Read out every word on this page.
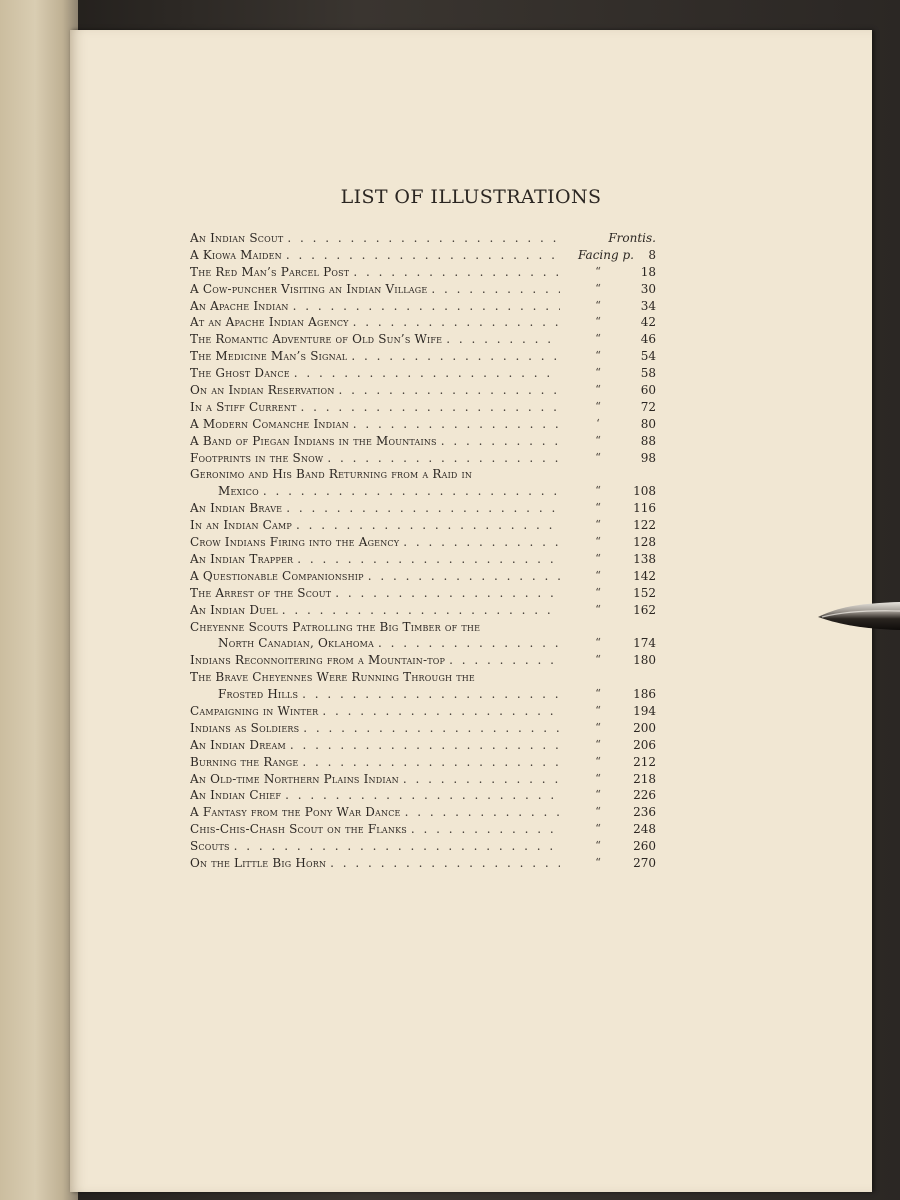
LIST OF ILLUSTRATIONS
An Indian Scout . . .	Frontis.
A Kiowa Maiden . . .	Facing p.	8
The Red Man’s Parcel Post . . .	“	18
A Cow-puncher Visiting an Indian Village . . .	“	30
An Apache Indian . . .	“	34
At an Apache Indian Agency . . .	“	42
The Romantic Adventure of Old Sun’s Wife . . .	“	46
The Medicine Man’s Signal . . .	“	54
The Ghost Dance . . .	“	58
On an Indian Reservation . . .	“	60
In a Stiff Current . . .	“	72
A Modern Comanche Indian . . .	‘	80
A Band of Piegan Indians in the Mountains . . .	“	88
Footprints in the Snow . . .	“	98
Geronimo and His Band Returning from a Raid in
Mexico . . .	“	108
An Indian Brave . . .	“	116
In an Indian Camp . . .	“	122
Crow Indians Firing into the Agency . . .	“	128
An Indian Trapper . . .	“	138
A Questionable Companionship . . .	“	142
The Arrest of the Scout . . .	“	152
An Indian Duel . . .	“	162
Cheyenne Scouts Patrolling the Big Timber of the
North Canadian, Oklahoma . . .	“	174
Indians Reconnoitering from a Mountain-top . . .	“	180
The Brave Cheyennes Were Running Through the
Frosted Hills . . .	“	186
Campaigning in Winter . . .	“	194
Indians as Soldiers . . .	“	200
An Indian Dream . . .	“	206
Burning the Range . . .	“	212
An Old-time Northern Plains Indian . . .	“	218
An Indian Chief . . .	“	226
A Fantasy from the Pony War Dance . . .	“	236
Chis-Chis-Chash Scout on the Flanks . . .	“	248
Scouts . . .	“	260
On the Little Big Horn . . .	“	270
